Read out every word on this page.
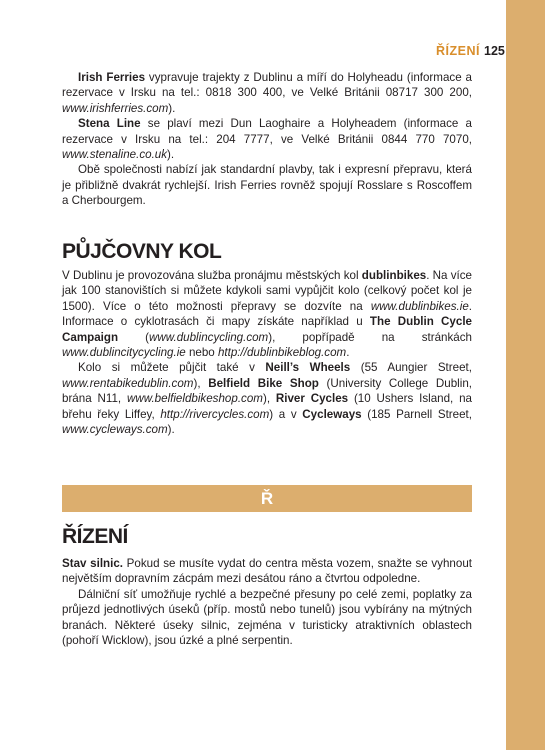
ŘÍZENÍ 125

Irish Ferries vypravuje trajekty z Dublinu a míří do Holyheadu (informace a rezervace v Irsku na tel.: 0818 300 400, ve Velké Británii 08717 300 200, www.irishferries.com).

Stena Line se plaví mezi Dun Laoghaire a Holyheadem (informace a rezervace v Irsku na tel.: 204 7777, ve Velké Británii 0844 770 7070, www.stenaline.co.uk).

Obě společnosti nabízí jak standardní plavby, tak i expresní přepravu, která je přibližně dvakrát rychlejší. Irish Ferries rovněž spojují Rosslare s Roscoffem a Cherbourgem.

PŮJČOVNY KOL

V Dublinu je provozována služba pronájmu městských kol dublinbikes. Na více jak 100 stanovištích si můžete kdykoli sami vypůjčit kolo (celkový počet kol je 1500). Více o této možnosti přepravy se dozvíte na www.dublinbikes.ie. Informace o cyklotrasách či mapy získáte například u The Dublin Cycle Campaign (www.dublincycling.com), popřípadě na stránkách www.dublincitycycling.ie nebo http://dublinbikeblog.com.

Kolo si můžete půjčit také v Neill’s Wheels (55 Aungier Street, www.rentabikedublin.com), Belfield Bike Shop (University College Dublin, brána N11, www.belfieldbikeshop.com), River Cycles (10 Ushers Island, na břehu řeky Liffey, http://rivercycles.com) a v Cycleways (185 Parnell Street, www.cycleways.com).

Ř
ŘÍZENÍ

Stav silnic. Pokud se musíte vydat do centra města vozem, snažte se vyhnout největším dopravním zácpám mezi desátou ráno a čtvrtou odpoledne.

Dálniční síť umožňuje rychlé a bezpečné přesuny po celé zemi, poplatky za průjezd jednotlivých úseků (příp. mostů nebo tunelů) jsou vybírány na mýtných branách. Některé úseky silnic, zejména v turisticky atraktivních oblastech (pohoří Wicklow), jsou úzké a plné serpentin.
